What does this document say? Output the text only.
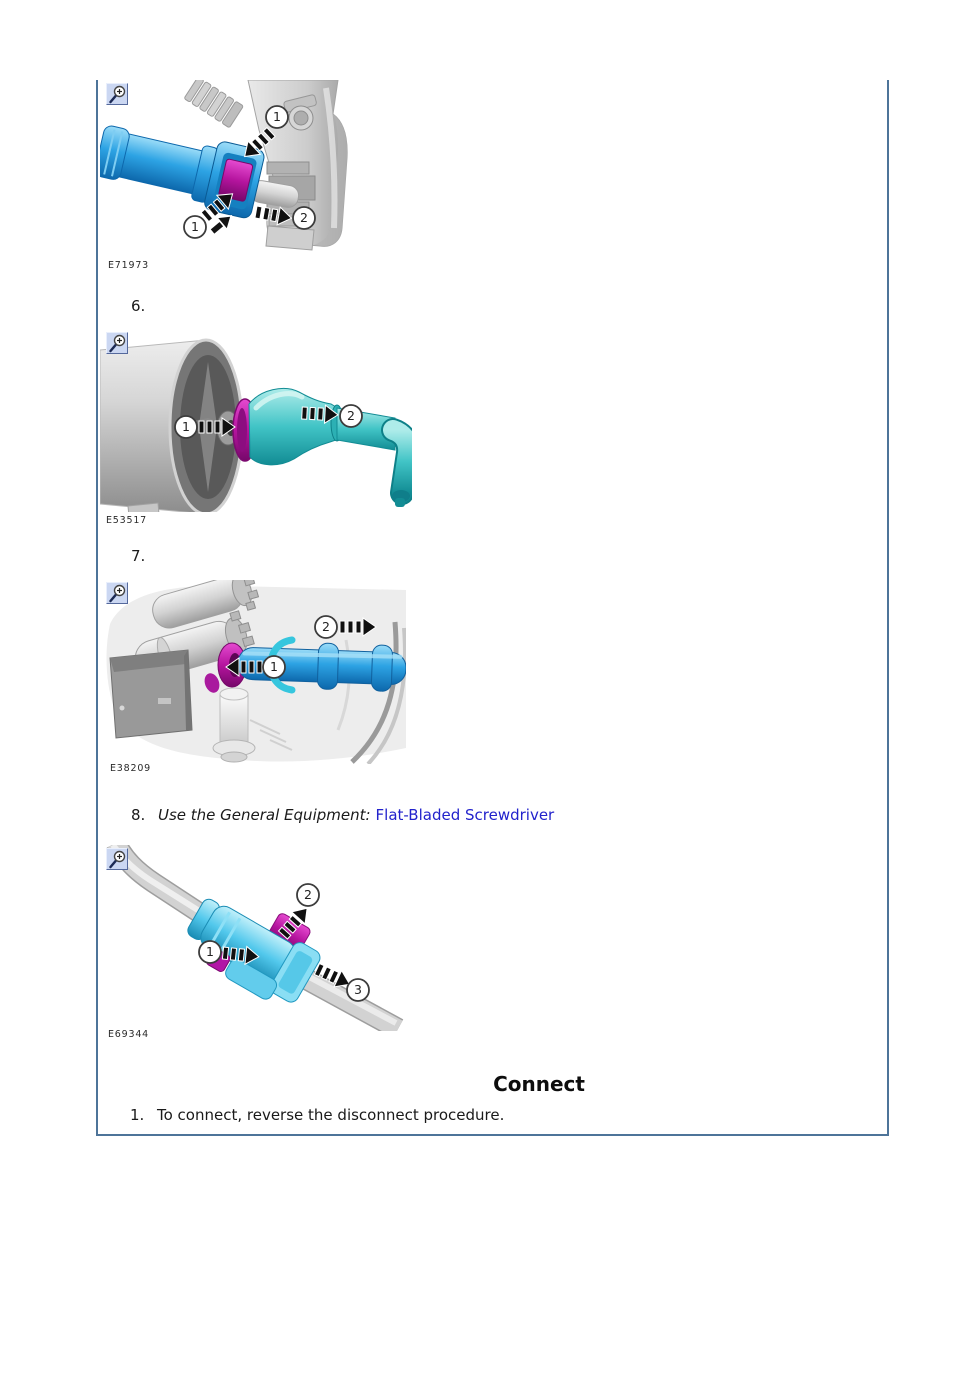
1
1
2
E71973
6.
1
2
E53517
7.
2
1
E38209
8. Use the General Equipment: Flat-Bladed Screwdriver
2
1
3
E69344
Connect
1. To connect, reverse the disconnect procedure.
